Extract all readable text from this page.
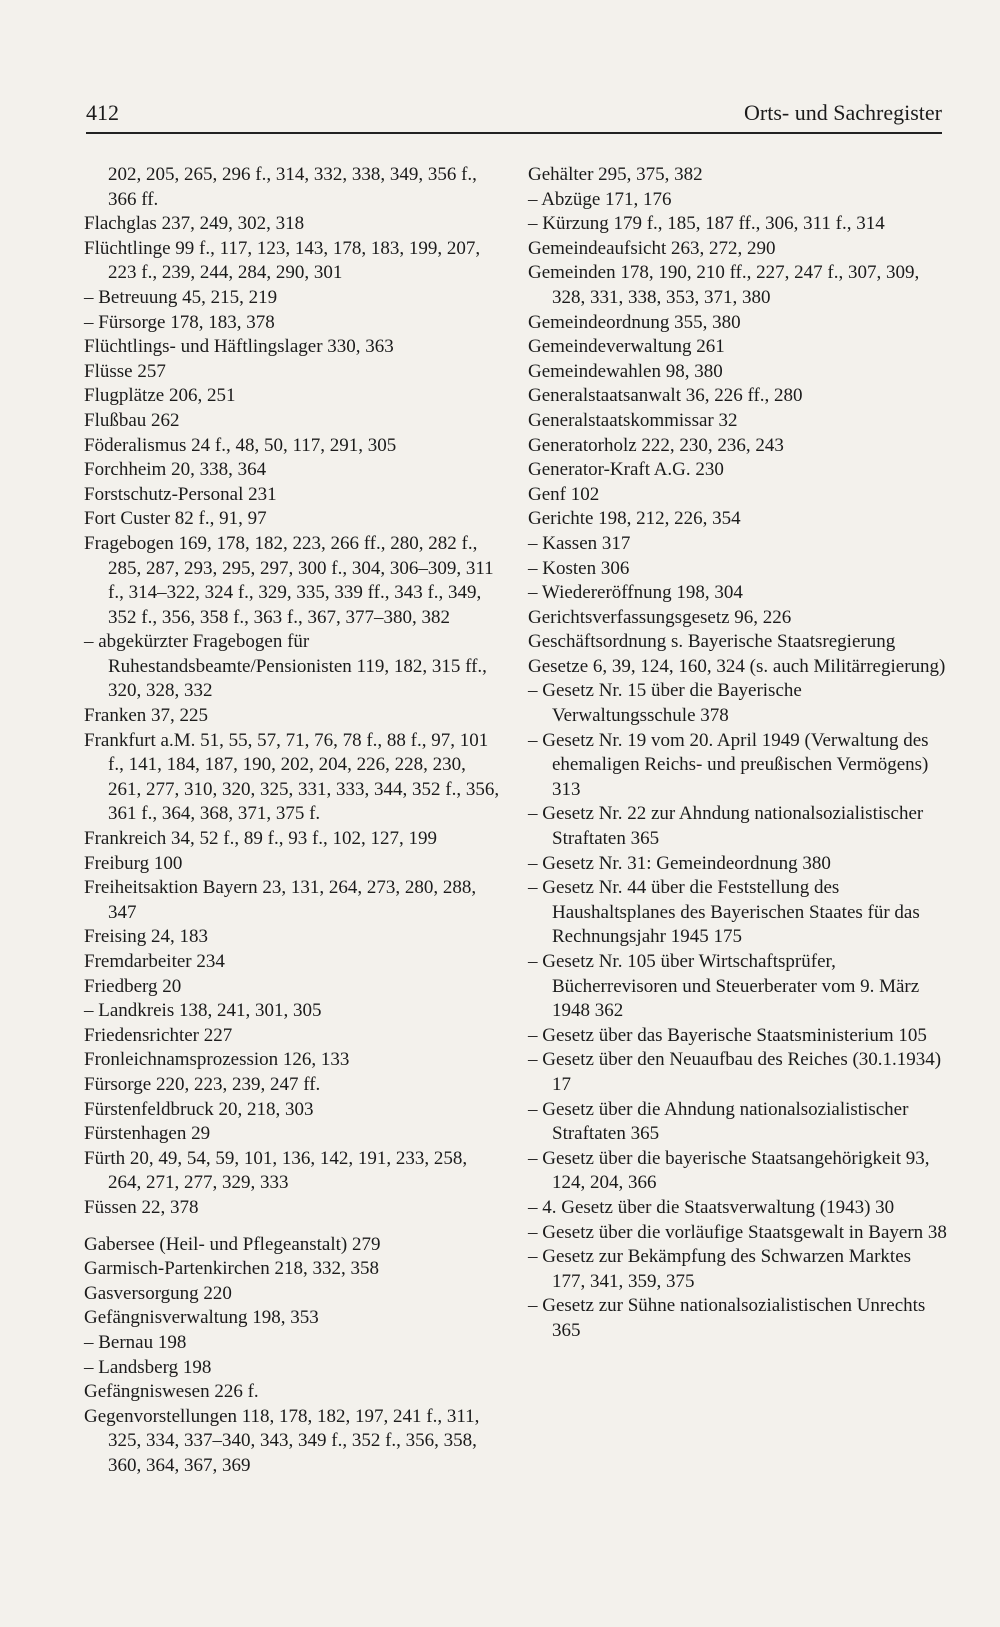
412	Orts- und Sachregister
202, 205, 265, 296 f., 314, 332, 338, 349, 356 f., 366 ff.
Flachglas 237, 249, 302, 318
Flüchtlinge 99 f., 117, 123, 143, 178, 183, 199, 207, 223 f., 239, 244, 284, 290, 301
– Betreuung 45, 215, 219
– Fürsorge 178, 183, 378
Flüchtlings- und Häftlingslager 330, 363
Flüsse 257
Flugplätze 206, 251
Flußbau 262
Föderalismus 24 f., 48, 50, 117, 291, 305
Forchheim 20, 338, 364
Forstschutz-Personal 231
Fort Custer 82 f., 91, 97
Fragebogen 169, 178, 182, 223, 266 ff., 280, 282 f., 285, 287, 293, 295, 297, 300 f., 304, 306–309, 311 f., 314–322, 324 f., 329, 335, 339 ff., 343 f., 349, 352 f., 356, 358 f., 363 f., 367, 377–380, 382
– abgekürzter Fragebogen für Ruhestandsbeamte/Pensionisten 119, 182, 315 ff., 320, 328, 332
Franken 37, 225
Frankfurt a.M. 51, 55, 57, 71, 76, 78 f., 88 f., 97, 101 f., 141, 184, 187, 190, 202, 204, 226, 228, 230, 261, 277, 310, 320, 325, 331, 333, 344, 352 f., 356, 361 f., 364, 368, 371, 375 f.
Frankreich 34, 52 f., 89 f., 93 f., 102, 127, 199
Freiburg 100
Freiheitsaktion Bayern 23, 131, 264, 273, 280, 288, 347
Freising 24, 183
Fremdarbeiter 234
Friedberg 20
– Landkreis 138, 241, 301, 305
Friedensrichter 227
Fronleichnamsprozession 126, 133
Fürsorge 220, 223, 239, 247 ff.
Fürstenfeldbruck 20, 218, 303
Fürstenhagen 29
Fürth 20, 49, 54, 59, 101, 136, 142, 191, 233, 258, 264, 271, 277, 329, 333
Füssen 22, 378
Gabersee (Heil- und Pflegeanstalt) 279
Garmisch-Partenkirchen 218, 332, 358
Gasversorgung 220
Gefängnisverwaltung 198, 353
– Bernau 198
– Landsberg 198
Gefängniswesen 226 f.
Gegenvorstellungen 118, 178, 182, 197, 241 f., 311, 325, 334, 337–340, 343, 349 f., 352 f., 356, 358, 360, 364, 367, 369
Gehälter 295, 375, 382
– Abzüge 171, 176
– Kürzung 179 f., 185, 187 ff., 306, 311 f., 314
Gemeindeaufsicht 263, 272, 290
Gemeinden 178, 190, 210 ff., 227, 247 f., 307, 309, 328, 331, 338, 353, 371, 380
Gemeindeordnung 355, 380
Gemeindeverwaltung 261
Gemeindewahlen 98, 380
Generalstaatsanwalt 36, 226 ff., 280
Generalstaatskommissar 32
Generatorholz 222, 230, 236, 243
Generator-Kraft A.G. 230
Genf 102
Gerichte 198, 212, 226, 354
– Kassen 317
– Kosten 306
– Wiedereröffnung 198, 304
Gerichtsverfassungsgesetz 96, 226
Geschäftsordnung s. Bayerische Staatsregierung
Gesetze 6, 39, 124, 160, 324 (s. auch Militärregierung)
– Gesetz Nr. 15 über die Bayerische Verwaltungsschule 378
– Gesetz Nr. 19 vom 20. April 1949 (Verwaltung des ehemaligen Reichs- und preußischen Vermögens) 313
– Gesetz Nr. 22 zur Ahndung nationalsozialistischer Straftaten 365
– Gesetz Nr. 31: Gemeindeordnung 380
– Gesetz Nr. 44 über die Feststellung des Haushaltsplanes des Bayerischen Staates für das Rechnungsjahr 1945 175
– Gesetz Nr. 105 über Wirtschaftsprüfer, Bücherrevisoren und Steuerberater vom 9. März 1948 362
– Gesetz über das Bayerische Staatsministerium 105
– Gesetz über den Neuaufbau des Reiches (30.1.1934) 17
– Gesetz über die Ahndung nationalsozialistischer Straftaten 365
– Gesetz über die bayerische Staatsangehörigkeit 93, 124, 204, 366
– 4. Gesetz über die Staatsverwaltung (1943) 30
– Gesetz über die vorläufige Staatsgewalt in Bayern 38
– Gesetz zur Bekämpfung des Schwarzen Marktes 177, 341, 359, 375
– Gesetz zur Sühne nationalsozialistischen Unrechts 365
